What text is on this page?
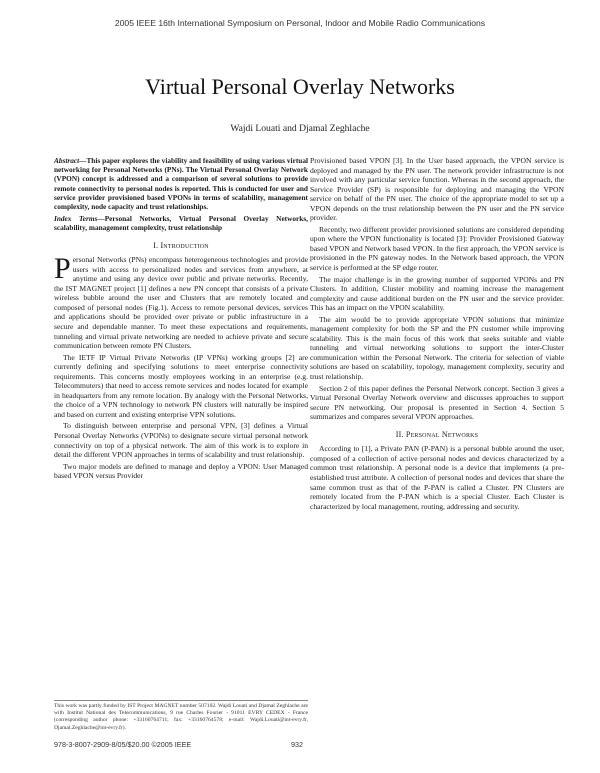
2005 IEEE 16th International Symposium on Personal, Indoor and Mobile Radio Communications
Virtual Personal Overlay Networks
Wajdi Louati and Djamal Zeghlache

Abstract—This paper explores the viability and feasibility of using various virtual networking for Personal Networks (PNs). The Virtual Personal Overlay Network (VPON) concept is addressed and a comparison of several solutions to provide remote connectivity to personal nodes is reported. This is conducted for user and service provider provisioned based VPONs in terms of scalability, management complexity, node capacity and trust relationships.

Index Terms—Personal Networks, Virtual Personal Overlay Networks, scalability, management complexity, trust relationship

I. Introduction

Personal Networks (PNs) encompass heterogeneous technologies and provide users with access to personalized nodes and services from anywhere, at anytime and using any device over public and private networks. Recently, the IST MAGNET project [1] defines a new PN concept that consists of a private wireless bubble around the user and Clusters that are remotely located and composed of personal nodes (Fig.1). Access to remote personal devices, services and applications should be provided over private or public infrastructure in a secure and dependable manner. To meet these expectations and requirements, tunneling and virtual private networking are needed to achieve private and secure communication between remote PN Clusters.

The IETF IP Virtual Private Networks (IP VPNs) working groups [2] are currently defining and specifying solutions to meet enterprise connectivity requirements. This concerns mostly employees working in an enterprise (e.g. Telecommuters) that need to access remote services and nodes located for example in headquarters from any remote location. By analogy with the Personal Networks, the choice of a VPN technology to network PN clusters will naturally be inspired and based on current and existing enterprise VPN solutions.

To distinguish between enterprise and personal VPN, [3] defines a Virtual Personal Overlay Networks (VPONs) to designate secure virtual personal network connectivity on top of a physical network. The aim of this work is to explore in detail the different VPON approaches in terms of scalability and trust relationship.

Two major models are defined to manage and deploy a VPON: User Managed based VPON versus Provider

This work was partly funded by IST Project MAGNET number 507102. Wajdi Louati and Djamal Zeghlache are with Institut National des Telecommunications, 9 rue Charles Fourier - 91011 EVRY CEDEX - France (corresponding author phone: +33160764711; fax: +33160764578; e-mail: Wajdi.Louati@int-evry.fr, Djamal.Zeghlache@int-evry.fr).

Provisioned based VPON [3]. In the User based approach, the VPON service is deployed and managed by the PN user. The network provider infrastructure is not involved with any particular service function. Whereas in the second approach, the Service Provider (SP) is responsible for deploying and managing the VPON service on behalf of the PN user. The choice of the appropriate model to set up a VPON depends on the trust relationship between the PN user and the PN service provider.

Recently, two different provider provisioned solutions are considered depending upon where the VPON functionality is located [3]: Provider Provisioned Gateway based VPON and Network based VPON. In the first approach, the VPON service is provisioned in the PN gateway nodes. In the Network based approach, the VPON service is performed at the SP edge router.

The major challenge is in the growing number of supported VPONs and PN Clusters. In addition, Cluster mobility and roaming increase the management complexity and cause additional burden on the PN user and the service provider. This has an impact on the VPON scalability.

The aim would be to provide appropriate VPON solutions that minimize management complexity for both the SP and the PN customer while improving scalability. This is the main focus of this work that seeks suitable and viable tunneling and virtual networking solutions to support the inter-Cluster communication within the Personal Network. The criteria for selection of viable solutions are based on scalability, topology, management complexity, security and trust relationship.

Section 2 of this paper defines the Personal Network concept. Section 3 gives a Virtual Personal Overlay Network overview and discusses approaches to support secure PN networking. Our proposal is presented in Section 4. Section 5 summarizes and compares several VPON approaches.

II. Personal Networks

According to [1], a Private PAN (P-PAN) is a personal bubble around the user, composed of a collection of active personal nodes and devices characterized by a common trust relationship. A personal node is a device that implements (a pre-established trust attribute. A collection of personal nodes and devices that share the same common trust as that of the P-PAN is called a Cluster. PN Clusters are remotely located from the P-PAN which is a special Cluster. Each Cluster is characterized by local management, routing, addressing and security.

978-3-8007-2909-8/05/$20.00 ©2005 IEEE	932
